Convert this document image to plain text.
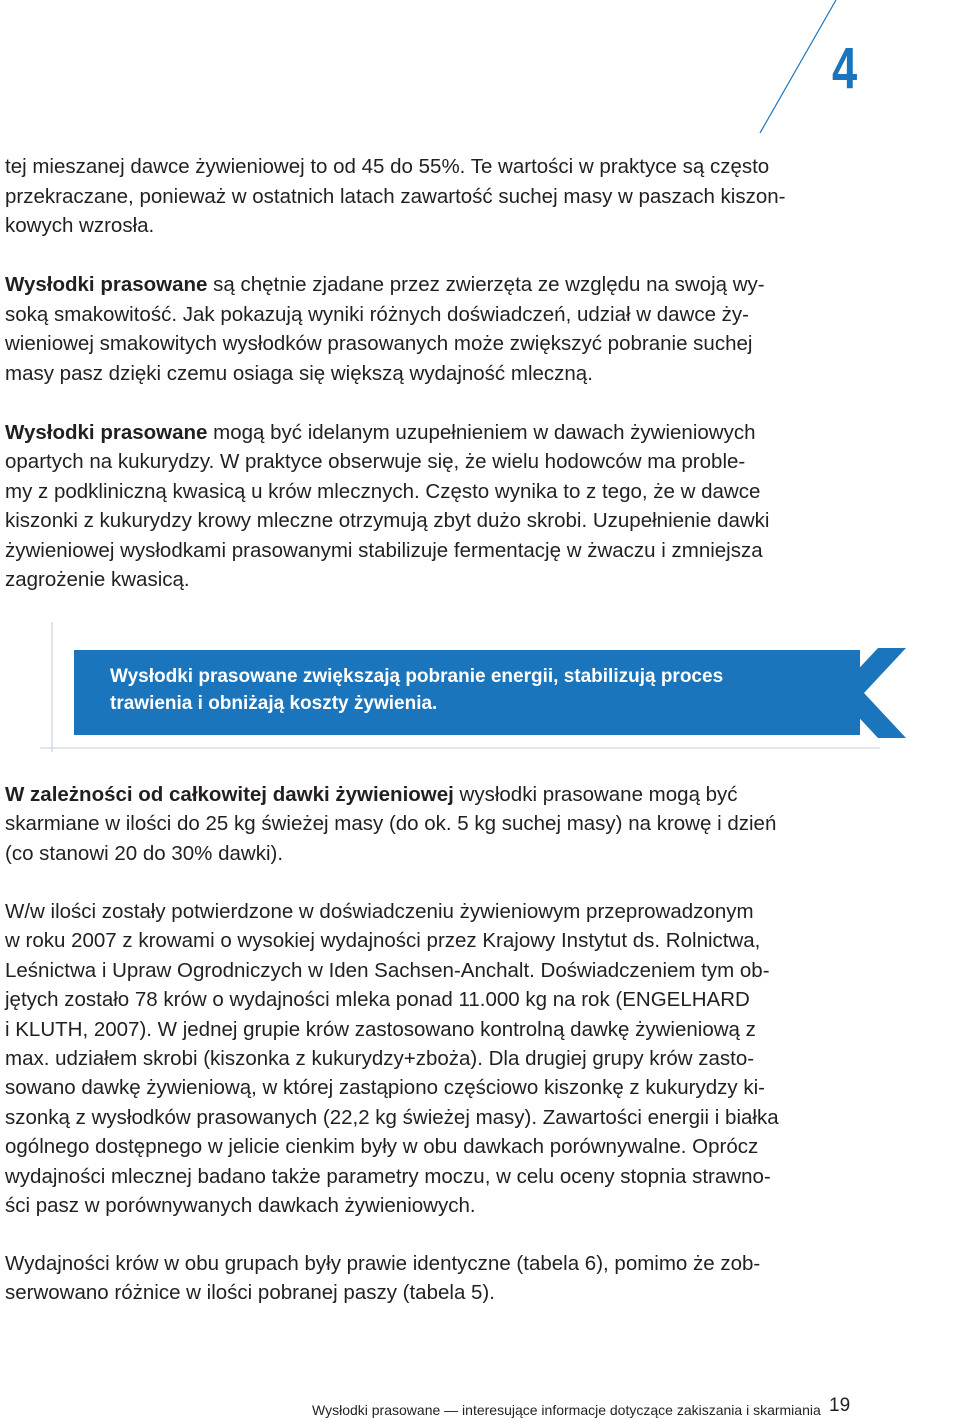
4

tej mieszanej dawce żywieniowej to od 45 do 55%. Te wartości w praktyce są często
przekraczane, ponieważ w ostatnich latach zawartość suchej masy w paszach kiszon-
kowych wzrosła.

Wysłodki prasowane są chętnie zjadane przez zwierzęta ze względu na swoją wy-
soką smakowitość. Jak pokazują wyniki różnych doświadczeń, udział w dawce ży-
wieniowej smakowitych wysłodków prasowanych może zwiększyć pobranie suchej
masy pasz dzięki czemu osiaga się większą wydajność mleczną.

Wysłodki prasowane mogą być idelanym uzupełnieniem w dawach żywieniowych
opartych na kukurydzy. W praktyce obserwuje się, że wielu hodowców ma proble-
my z podkliniczną kwasicą u krów mlecznych. Często wynika to z tego, że w dawce
kiszonki z kukurydzy krowy mleczne otrzymują zbyt dużo skrobi. Uzupełnienie dawki
żywieniowej wysłodkami prasowanymi stabilizuje fermentację w żwaczu i zmniejsza
zagrożenie kwasicą.

Wysłodki prasowane zwiększają pobranie energii, stabilizują proces
trawienia i obniżają koszty żywienia.

W zależności od całkowitej dawki żywieniowej wysłodki prasowane mogą być
skarmiane w ilości do 25 kg świeżej masy (do ok. 5 kg suchej masy) na krowę i dzień
(co stanowi 20 do 30% dawki).

W/w ilości zostały potwierdzone w doświadczeniu żywieniowym przeprowadzonym
w roku 2007 z krowami o wysokiej wydajności przez Krajowy Instytut ds. Rolnictwa,
Leśnictwa i Upraw Ogrodniczych w Iden Sachsen-Anchalt. Doświadczeniem tym ob-
jętych zostało 78 krów o wydajności mleka ponad 11.000 kg na rok (ENGELHARD
i KLUTH, 2007). W jednej grupie krów zastosowano kontrolną dawkę żywieniową z
max. udziałem skrobi (kiszonka z kukurydzy+zboża). Dla drugiej grupy krów zasto-
sowano dawkę żywieniową, w której zastąpiono częściowo kiszonkę z kukurydzy ki-
szonką z wysłodków prasowanych (22,2 kg świeżej masy). Zawartości energii i białka
ogólnego dostępnego w jelicie cienkim były w obu dawkach porównywalne. Oprócz
wydajności mlecznej badano także parametry moczu, w celu oceny stopnia strawno-
ści pasz w porównywanych dawkach żywieniowych.

Wydajności krów w obu grupach były prawie identyczne (tabela 6), pomimo że zob-
serwowano różnice w ilości pobranej paszy (tabela 5).

Wysłodki prasowane — interesujące informacje dotyczące zakiszania i skarmiania 19
